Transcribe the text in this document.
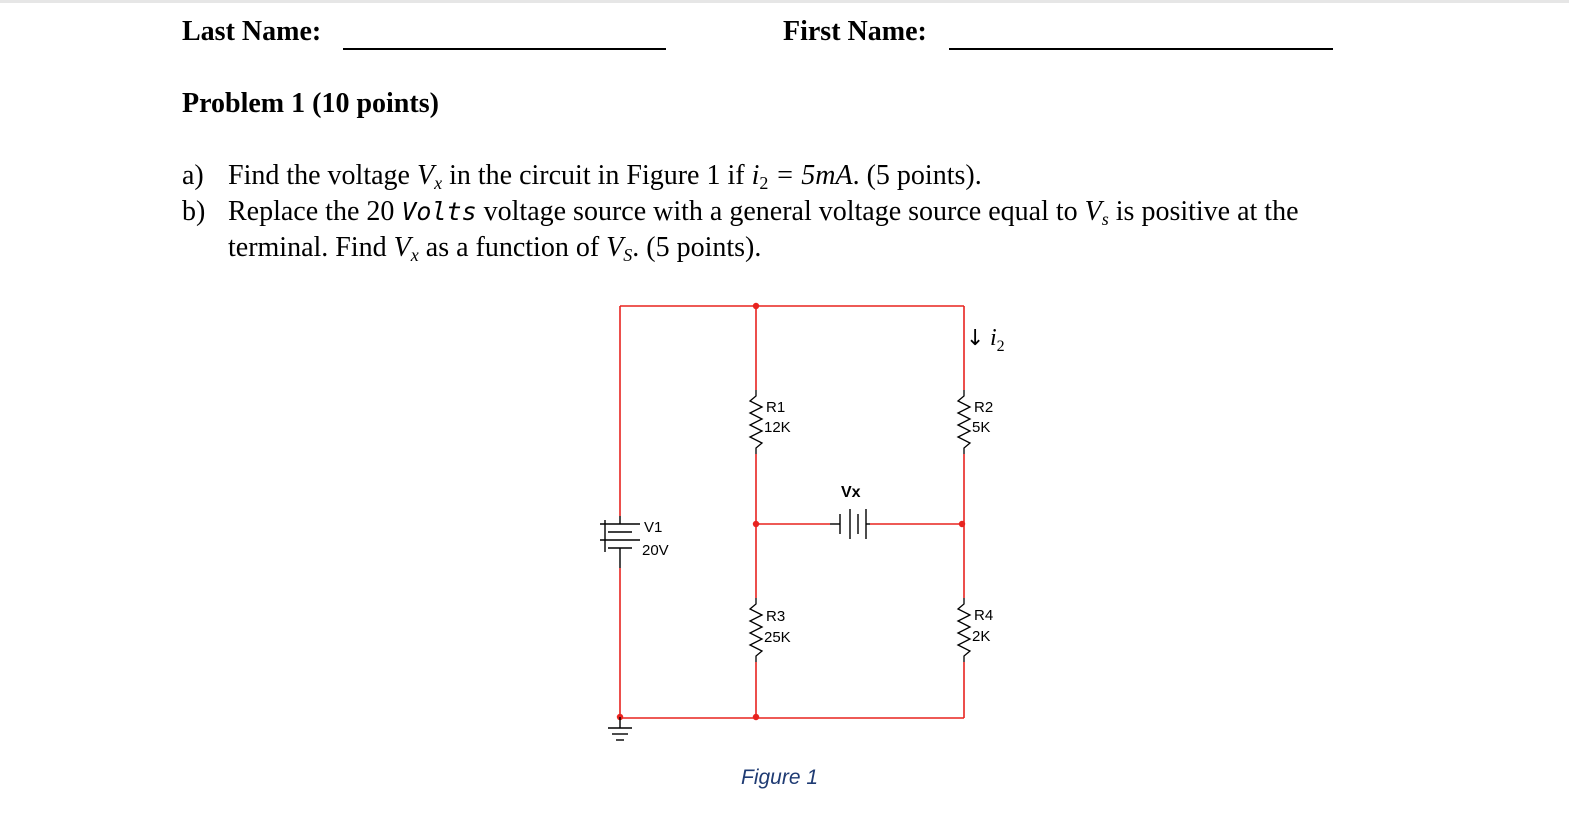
Last Name:	First Name:
Problem 1 (10 points)
a) Find the voltage $V_x$ in the circuit in Figure 1 if $i_2 = 5mA$. (5 points).
b) Replace the 20 Volts voltage source with a general voltage source equal to $V_s$ is positive at the
terminal. Find $V_x$ as a function of $V_S$. (5 points).
V1
20V
R1
12K
R2
5K
R3
25K
R4
2K
Vx
↓ $i_2$
Figure 1
